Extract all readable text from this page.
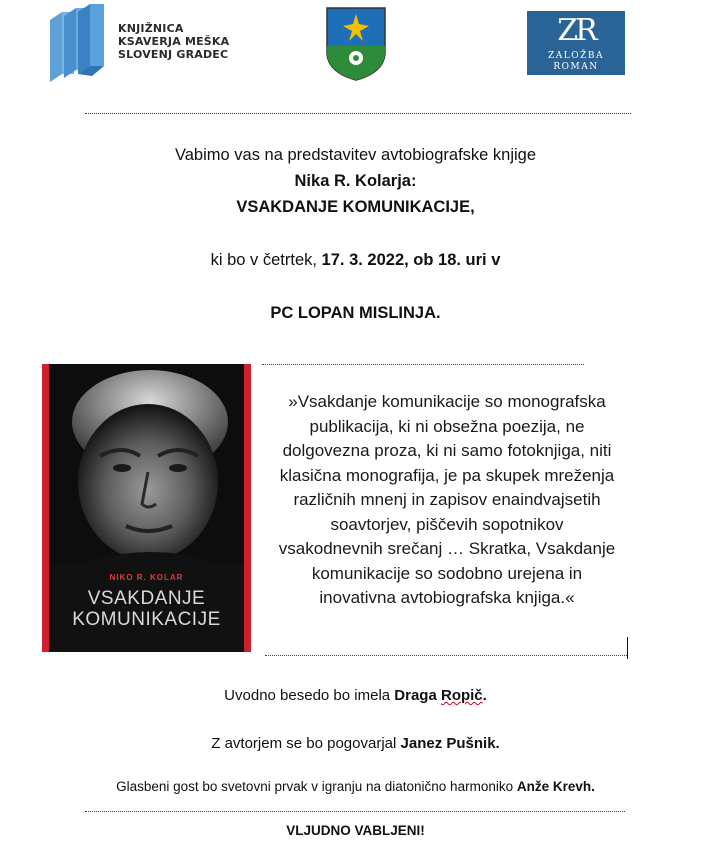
KNJIŽNICA
KSAVERJA MEŠKA
SLOVENJ GRADEC
ZR
ZALOŽBA
ROMAN
Vabimo vas na predstavitev avtobiografske knjige
Nika R. Kolarja:
VSAKDANJE KOMUNIKACIJE,
ki bo v četrtek, 17. 3. 2022, ob 18. uri v
PC LOPAN MISLINJA.
NIKO R. KOLAR
VSAKDANJE
KOMUNIKACIJE
»Vsakdanje komunikacije so monografska
publikacija, ki ni obsežna poezija, ne
dolgovezna proza, ki ni samo fotoknjiga, niti
klasična monografija, je pa skupek mreženja
različnih mnenj in zapisov enaindvajsetih
soavtorjev, piščevih sopotnikov
vsakodnevnih srečanj … Skratka, Vsakdanje
komunikacije so sodobno urejena in
inovativna avtobiografska knjiga.«
Uvodno besedo bo imela Draga Ropič.
Z avtorjem se bo pogovarjal Janez Pušnik.
Glasbeni gost bo svetovni prvak v igranju na diatonično harmoniko Anže Krevh.
VLJUDNO VABLJENI!
